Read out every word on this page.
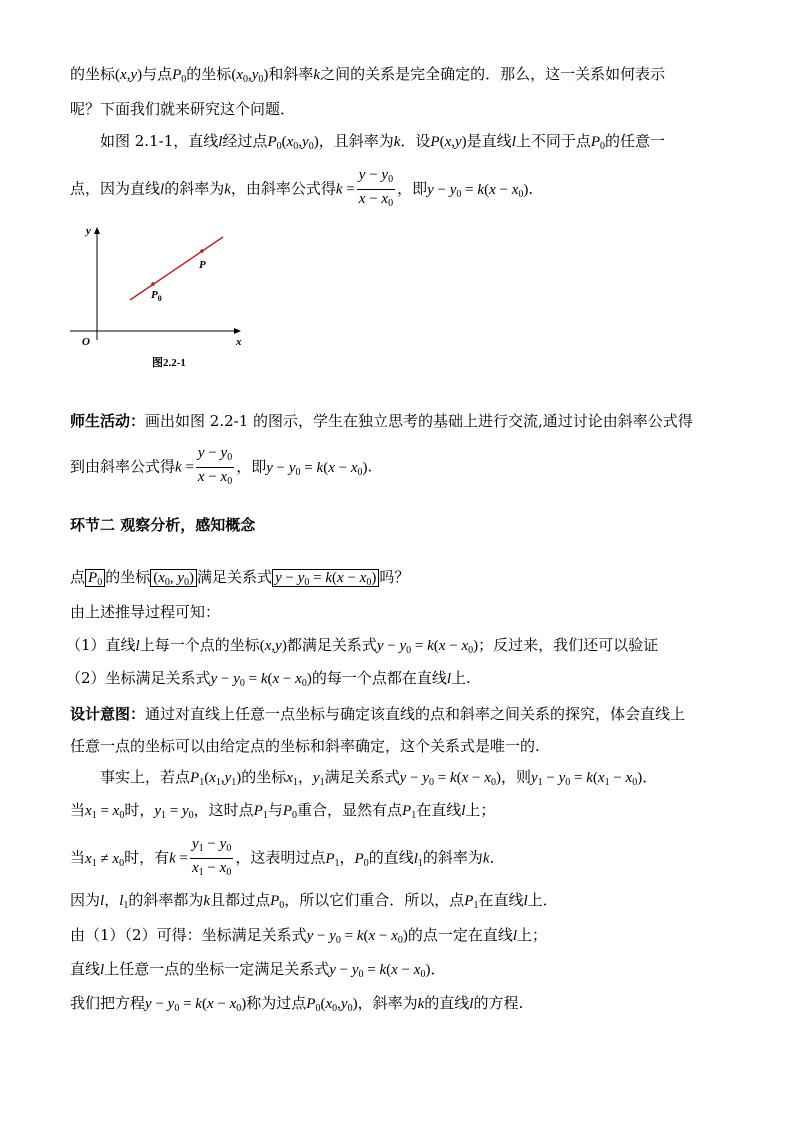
的坐标(x,y)与点$P_0$的坐标$(x_0,y_0)$和斜率k之间的关系是完全确定的．那么，这一关系如何表示
呢？下面我们就来研究这个问题．
如图 2.1-1，直线l经过点$P_0(x_0,y_0)$，且斜率为k．设P(x,y)是直线l上不同于点$P_0$的任意一
点，因为直线l的斜率为k，由斜率公式得$k = \frac{y - y_0}{x - x_0}$ ，即$y - y_0 = k(x - x_0)$．
y
x
O
P
$P_0$
图2.2-1
师生活动：画出如图 2.2-1 的图示，学生在独立思考的基础上进行交流,通过讨论由斜率公式得
到由斜率公式得$k = \frac{y - y_0}{x - x_0}$ ，即$y - y_0 = k(x - x_0)$.
环节二 观察分析，感知概念
点 $P_0$ 的坐标 ($x_0$, $y_0$) 满足关系式 $y - y_0 = k(x - x_0)$ 吗？
由上述推导过程可知：
（1）直线l上每一个点的坐标(x,y)都满足关系式$y - y_0 = k(x - x_0)$；反过来，我们还可以验证
（2）坐标满足关系式$y - y_0 = k(x - x_0)$的每一个点都在直线l上.
设计意图：通过对直线上任意一点坐标与确定该直线的点和斜率之间关系的探究，体会直线上
任意一点的坐标可以由给定点的坐标和斜率确定，这个关系式是唯一的.
事实上，若点$P_1(x_1,y_1)$的坐标$x_1$，$y_1$满足关系式$y - y_0 = k(x - x_0)$，则$y_1 - y_0 = k(x_1 - x_0)$．
当$x_1 = x_0$时，$y_1 = y_0$，这时点$P_1$与$P_0$重合，显然有点$P_1$在直线l上；
当$x_1 \ne x_0$时，有$k = \frac{y_1 - y_0}{x_1 - x_0}$ ，这表明过点$P_1$，$P_0$的直线$l_1$的斜率为k．
因为l，$l_1$的斜率都为k且都过点$P_0$，所以它们重合．所以，点$P_1$在直线l上．
由（1）（2）可得：坐标满足关系式$y - y_0 = k(x - x_0)$的点一定在直线l上；
直线l上任意一点的坐标一定满足关系式$y - y_0 = k(x - x_0)$．
我们把方程$y - y_0 = k(x - x_0)$称为过点$P_0(x_0,y_0)$，斜率为k的直线l的方程.
